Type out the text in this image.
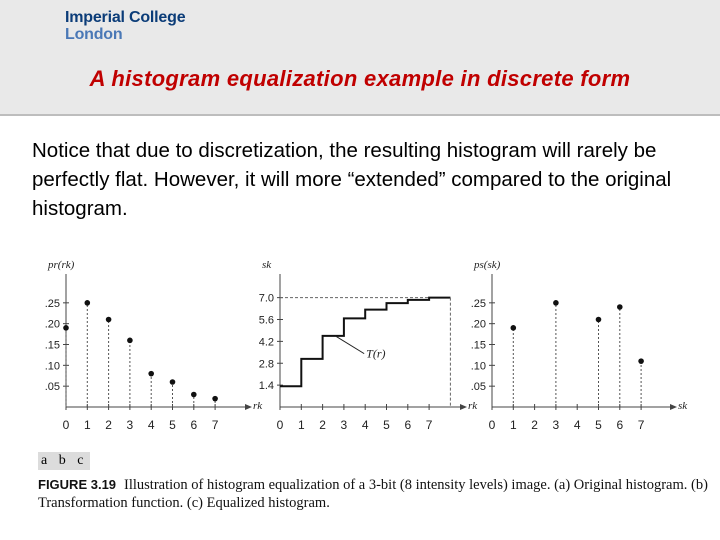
Imperial College
London
A histogram equalization example in discrete form
Notice that due to discretization, the resulting histogram will rarely be perfectly flat. However, it will more “extended” compared to the original histogram.
pr(rk)
rk
.05
.10
.15
.20
.25
0 1 2 3 4 5 6 7
sk
rk
1.4
2.8
4.2
5.6
7.0
0 1 2 3 4 5 6 7
T(r)
ps(sk)
sk
.05
.10
.15
.20
.25
0 1 2 3 4 5 6 7
a b c
FIGURE 3.19 Illustration of histogram equalization of a 3-bit (8 intensity levels) image. (a) Original histogram. (b) Transformation function. (c) Equalized histogram.
